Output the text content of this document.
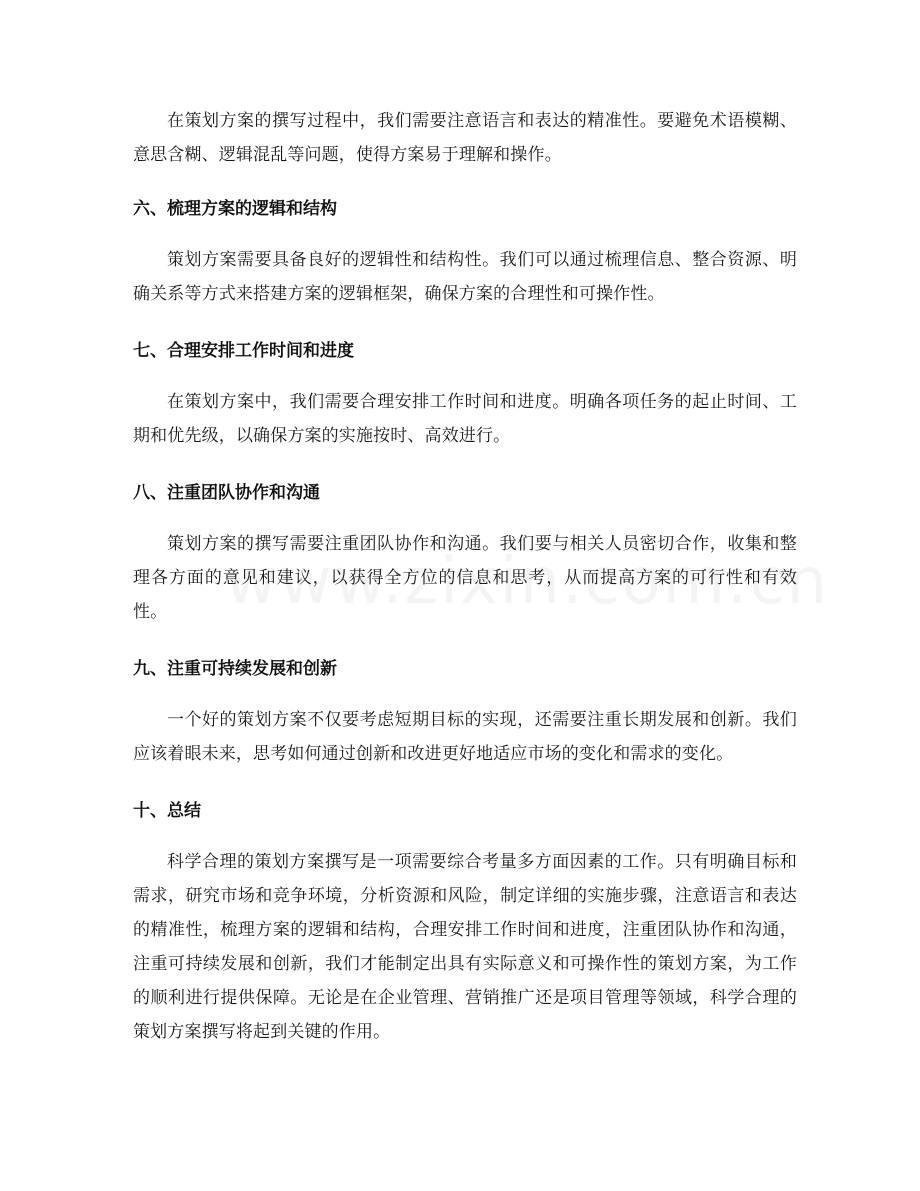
在策划方案的撰写过程中，我们需要注意语言和表达的精准性。要避免术语模糊、意思含糊、逻辑混乱等问题，使得方案易于理解和操作。

六、梳理方案的逻辑和结构

策划方案需要具备良好的逻辑性和结构性。我们可以通过梳理信息、整合资源、明确关系等方式来搭建方案的逻辑框架，确保方案的合理性和可操作性。

七、合理安排工作时间和进度

在策划方案中，我们需要合理安排工作时间和进度。明确各项任务的起止时间、工期和优先级，以确保方案的实施按时、高效进行。

八、注重团队协作和沟通

策划方案的撰写需要注重团队协作和沟通。我们要与相关人员密切合作，收集和整理各方面的意见和建议，以获得全方位的信息和思考，从而提高方案的可行性和有效性。

九、注重可持续发展和创新

一个好的策划方案不仅要考虑短期目标的实现，还需要注重长期发展和创新。我们应该着眼未来，思考如何通过创新和改进更好地适应市场的变化和需求的变化。

十、总结

科学合理的策划方案撰写是一项需要综合考量多方面因素的工作。只有明确目标和需求，研究市场和竞争环境，分析资源和风险，制定详细的实施步骤，注意语言和表达的精准性，梳理方案的逻辑和结构，合理安排工作时间和进度，注重团队协作和沟通，注重可持续发展和创新，我们才能制定出具有实际意义和可操作性的策划方案，为工作的顺利进行提供保障。无论是在企业管理、营销推广还是项目管理等领域，科学合理的策划方案撰写将起到关键的作用。
